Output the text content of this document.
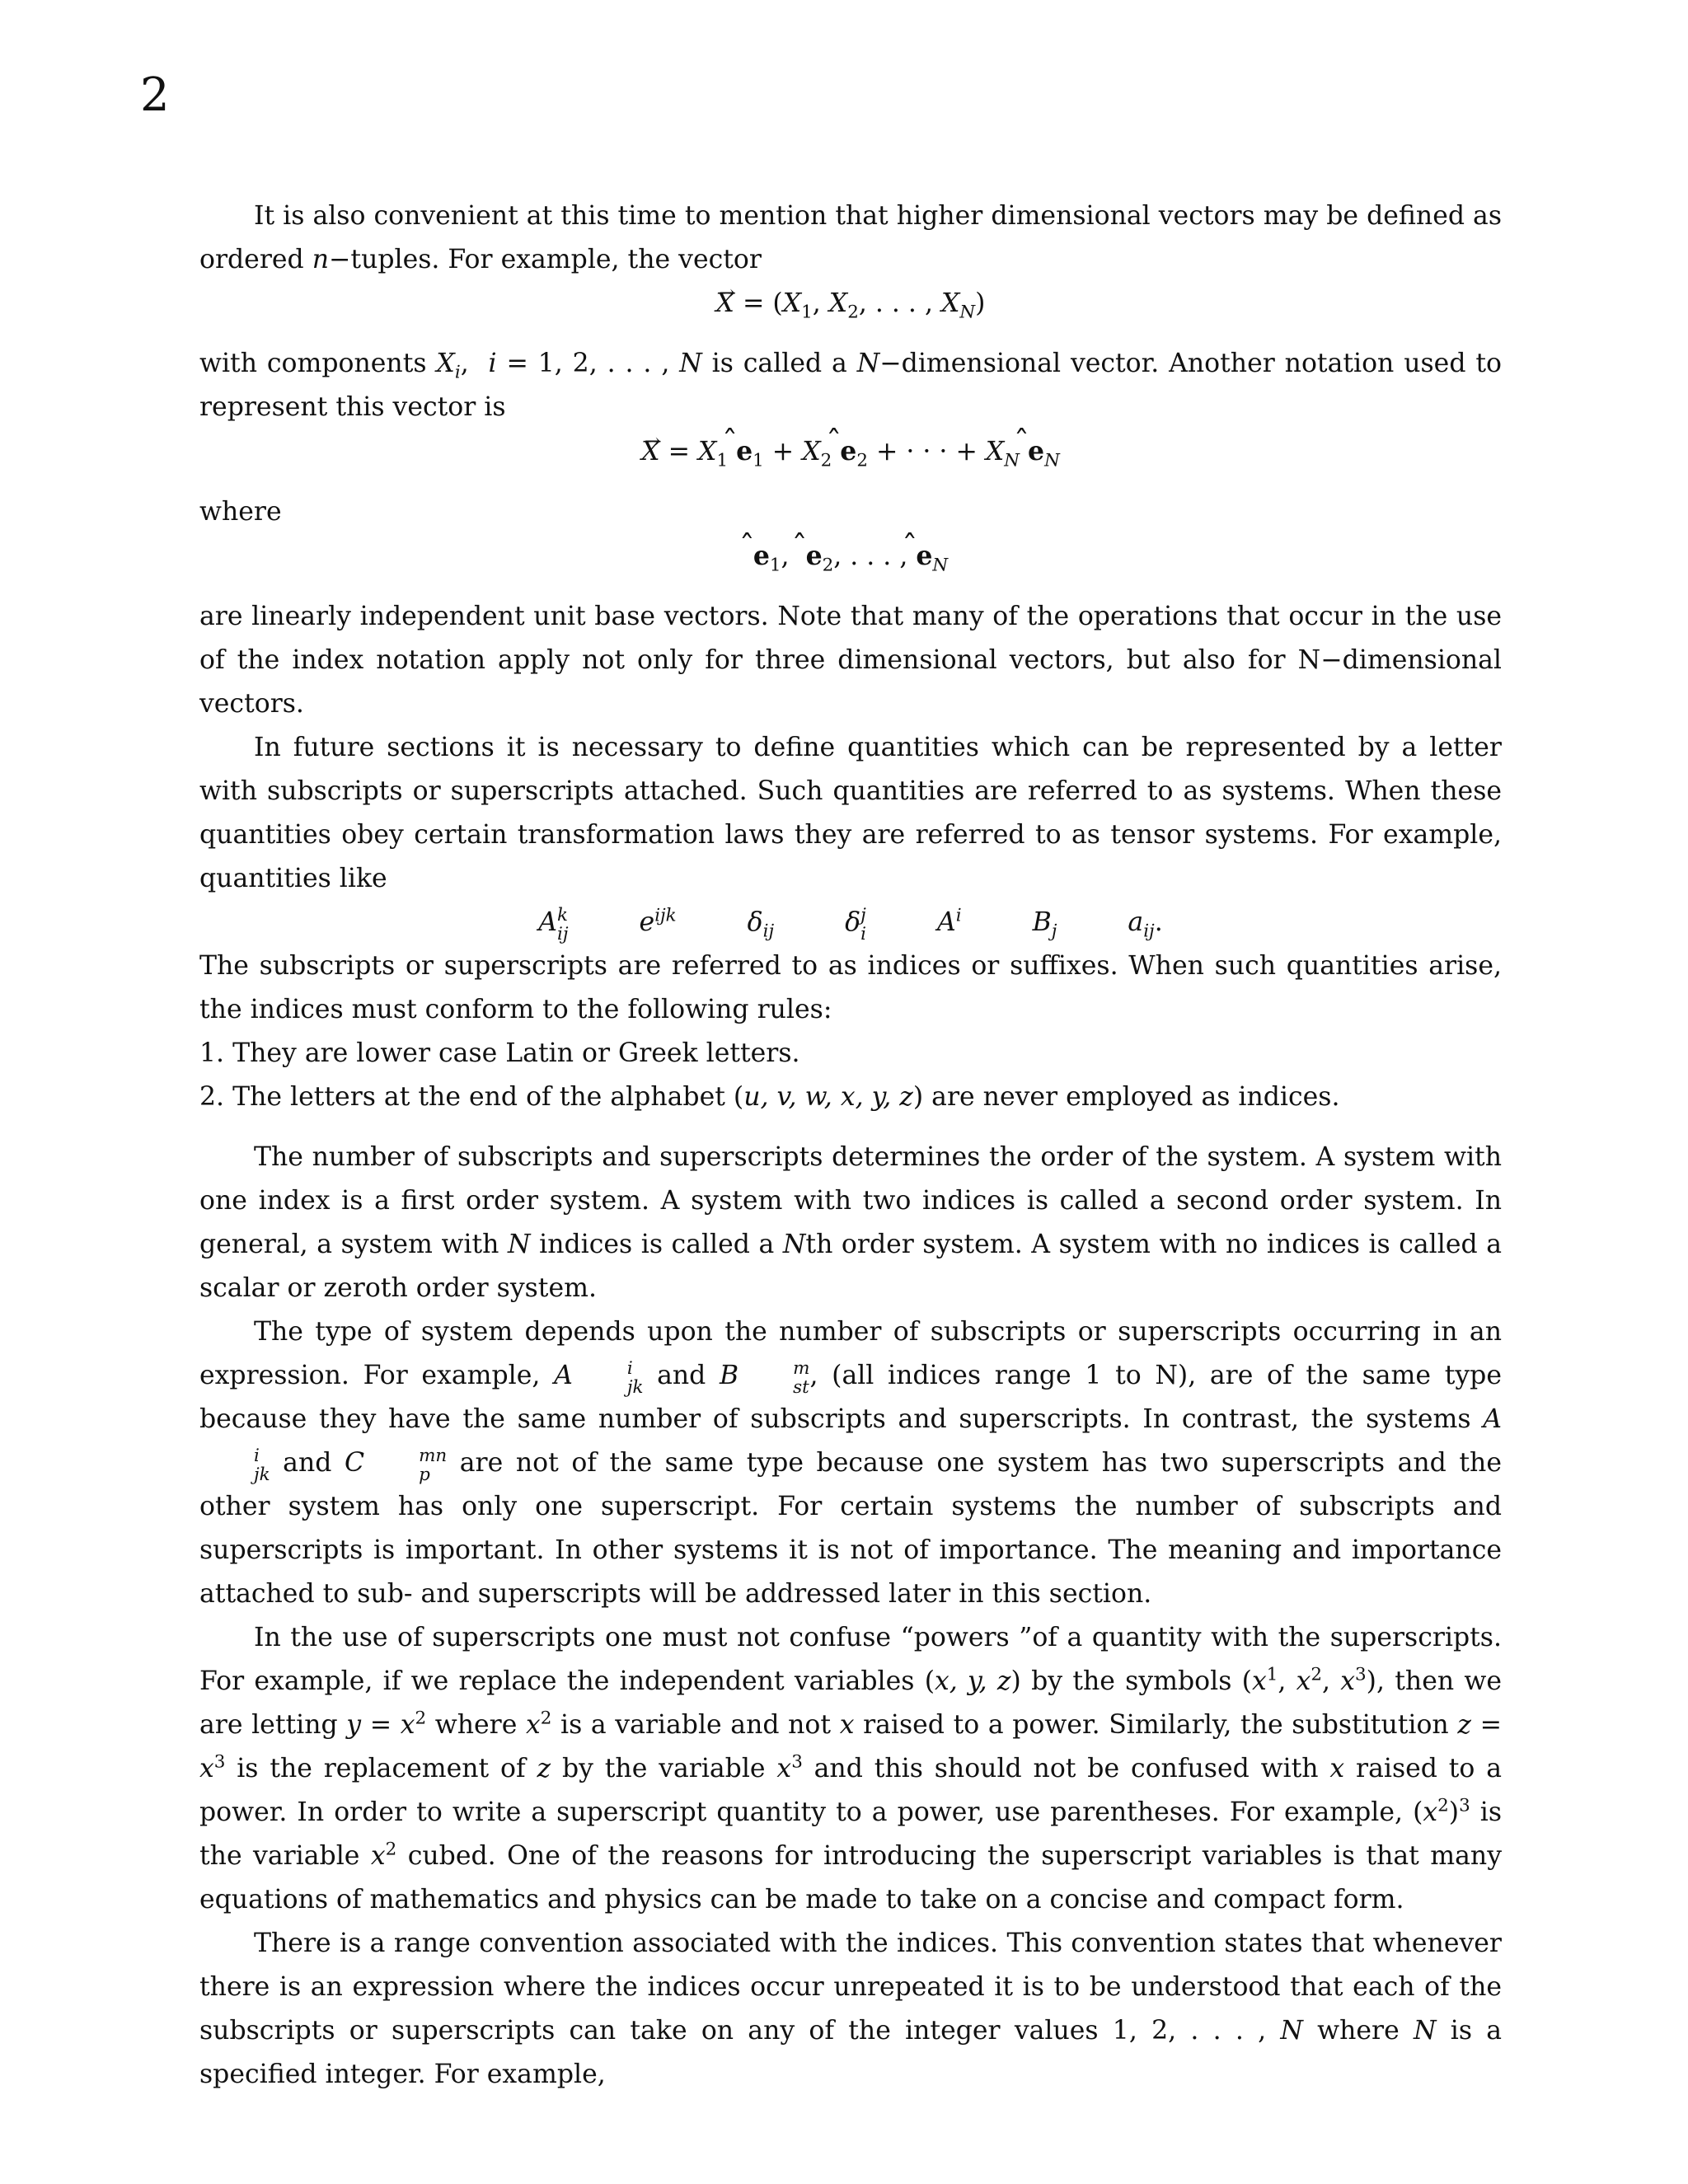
2

It is also convenient at this time to mention that higher dimensional vectors may be defined as ordered n−tuples. For example, the vector

→ $X = (X_1$, $X_2$, . . . , $X_N$)

with components $X_i$,  i = 1, 2, . . . , N is called a N−dimensional vector. Another notation used to represent this vector is

→ $X = X_1$ ̂ $e_1 + X_2$ ̂ $e_2$ + · · · + $X_N$ ̂ $e_N$

where

̂ $e_1$,  ̂ $e_2$, . . . , ̂ $e_N$

are linearly independent unit base vectors. Note that many of the operations that occur in the use of the index notation apply not only for three dimensional vectors, but also for N−dimensional vectors.

In future sections it is necessary to define quantities which can be represented by a letter with subscripts or superscripts attached. Such quantities are referred to as systems. When these quantities obey certain transformation laws they are referred to as tensor systems. For example, quantities like

A k
ij	$e^{ijk}$	$\delta_{ij}$	δ j
i	$A^i$	$B_j$	$a_{ij}$.

The subscripts or superscripts are referred to as indices or suffixes. When such quantities arise, the indices must conform to the following rules:

1. They are lower case Latin or Greek letters.

2. The letters at the end of the alphabet (u, v, w, x, y, z) are never employed as indices.

The number of subscripts and superscripts determines the order of the system. A system with one index is a first order system. A system with two indices is called a second order system. In general, a system with N indices is called a Nth order system. A system with no indices is called a scalar or zeroth order system.

The type of system depends upon the number of subscripts or superscripts occurring in an expression. For example, A	i
jk and B	m
st , (all indices range 1 to N), are of the same type because they have the same number of subscripts and superscripts. In contrast, the systems A
i
jk and C	mn
p are not of the same type because one system has two superscripts and the other system has only one superscript. For certain systems the number of subscripts and superscripts is important. In other systems it is not of importance. The meaning and importance attached to sub- and superscripts will be addressed later in this section.

In the use of superscripts one must not confuse “powers ”of a quantity with the superscripts. For example, if we replace the independent variables (x, y, z) by the symbols ($x^1$, $x^2$, $x^3$), then we are letting $y = x^2$ where $x^2$ is a variable and not x raised to a power. Similarly, the substitution $z = x^3$ is the replacement of z by the variable $x^3$ and this should not be confused with x raised to a power. In order to write a superscript quantity to a power, use parentheses. For example, $(x^2)^3$ is the variable $x^2$ cubed. One of the reasons for introducing the superscript variables is that many equations of mathematics and physics can be made to take on a concise and compact form.

There is a range convention associated with the indices. This convention states that whenever there is an expression where the indices occur unrepeated it is to be understood that each of the subscripts or superscripts can take on any of the integer values 1, 2, . . . , N where N is a specified integer. For example,
